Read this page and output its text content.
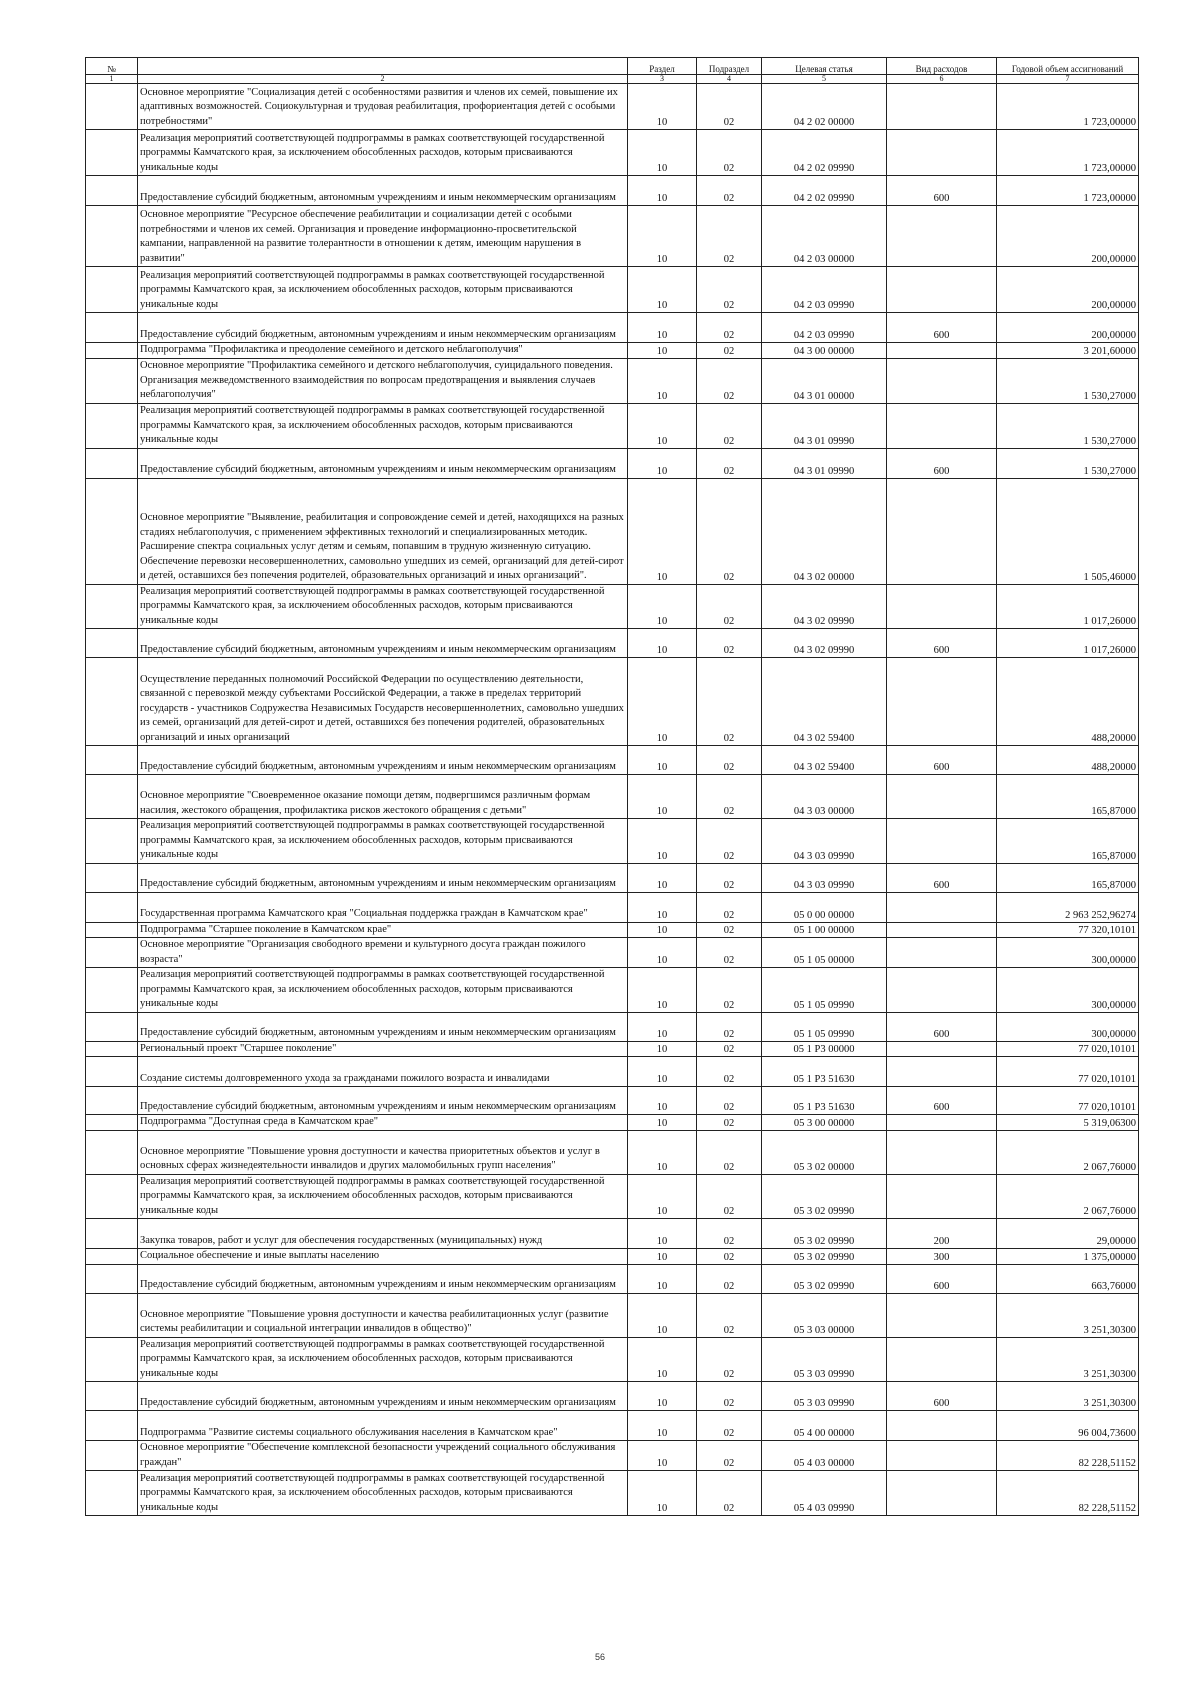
№		Раздел	Подраздел	Целевая статья	Вид расходов	Годовой объем ассигнований
1	2	3	4	5	6	7
	Основное мероприятие "Социализация детей с особенностями развития и членов их семей, повышение их адаптивных возможностей. Социокультурная и трудовая реабилитация, профориентация детей с особыми потребностями"	10	02	04 2 02 00000		1 723,00000
	Реализация мероприятий соответствующей подпрограммы в рамках соответствующей государственной программы Камчатского края, за исключением обособленных расходов, которым присваиваются уникальные коды	10	02	04 2 02 09990		1 723,00000
	Предоставление субсидий бюджетным, автономным учреждениям и иным некоммерческим организациям	10	02	04 2 02 09990	600	1 723,00000
	Основное мероприятие "Ресурсное обеспечение реабилитации и социализации детей с особыми потребностями и членов их семей. Организация и проведение информационно-просветительской кампании, направленной на развитие толерантности в отношении к детям, имеющим нарушения в развитии"	10	02	04 2 03 00000		200,00000
	Реализация мероприятий соответствующей подпрограммы в рамках соответствующей государственной программы Камчатского края, за исключением обособленных расходов, которым присваиваются уникальные коды	10	02	04 2 03 09990		200,00000
	Предоставление субсидий бюджетным, автономным учреждениям и иным некоммерческим организациям	10	02	04 2 03 09990	600	200,00000
	Подпрограмма "Профилактика и преодоление семейного и детского неблагополучия"	10	02	04 3 00 00000		3 201,60000
	Основное мероприятие "Профилактика семейного и детского неблагополучия, суицидального поведения. Организация межведомственного взаимодействия по вопросам предотвращения и выявления случаев неблагополучия"	10	02	04 3 01 00000		1 530,27000
	Реализация мероприятий соответствующей подпрограммы в рамках соответствующей государственной программы Камчатского края, за исключением обособленных расходов, которым присваиваются уникальные коды	10	02	04 3 01 09990		1 530,27000
	Предоставление субсидий бюджетным, автономным учреждениям и иным некоммерческим организациям	10	02	04 3 01 09990	600	1 530,27000
	Основное мероприятие "Выявление, реабилитация и сопровождение семей и детей, находящихся на разных стадиях неблагополучия, с применением эффективных технологий и специализированных методик. Расширение спектра социальных услуг детям и семьям, попавшим в трудную жизненную ситуацию. Обеспечение перевозки несовершеннолетних, самовольно ушедших из семей, организаций для детей-сирот и детей, оставшихся без попечения родителей, образовательных организаций и иных организаций".	10	02	04 3 02 00000		1 505,46000
	Реализация мероприятий соответствующей подпрограммы в рамках соответствующей государственной программы Камчатского края, за исключением обособленных расходов, которым присваиваются уникальные коды	10	02	04 3 02 09990		1 017,26000
	Предоставление субсидий бюджетным, автономным учреждениям и иным некоммерческим организациям	10	02	04 3 02 09990	600	1 017,26000
	Осуществление переданных полномочий Российской Федерации по осуществлению деятельности, связанной с перевозкой между субъектами Российской Федерации, а также в пределах территорий государств - участников Содружества Независимых Государств несовершеннолетних, самовольно ушедших из семей, организаций для детей-сирот и детей, оставшихся без попечения родителей, образовательных организаций и иных организаций	10	02	04 3 02 59400		488,20000
	Предоставление субсидий бюджетным, автономным учреждениям и иным некоммерческим организациям	10	02	04 3 02 59400	600	488,20000
	Основное мероприятие "Своевременное оказание помощи детям, подвергшимся различным формам насилия, жестокого обращения, профилактика рисков жестокого обращения с детьми"	10	02	04 3 03 00000		165,87000
	Реализация мероприятий соответствующей подпрограммы в рамках соответствующей государственной программы Камчатского края, за исключением обособленных расходов, которым присваиваются уникальные коды	10	02	04 3 03 09990		165,87000
	Предоставление субсидий бюджетным, автономным учреждениям и иным некоммерческим организациям	10	02	04 3 03 09990	600	165,87000
	Государственная программа Камчатского края "Социальная поддержка граждан в Камчатском крае"	10	02	05 0 00 00000		2 963 252,96274
	Подпрограмма "Старшее поколение в Камчатском крае"	10	02	05 1 00 00000		77 320,10101
	Основное мероприятие "Организация свободного времени и культурного досуга граждан пожилого возраста"	10	02	05 1 05 00000		300,00000
	Реализация мероприятий соответствующей подпрограммы в рамках соответствующей государственной программы Камчатского края, за исключением обособленных расходов, которым присваиваются уникальные коды	10	02	05 1 05 09990		300,00000
	Предоставление субсидий бюджетным, автономным учреждениям и иным некоммерческим организациям	10	02	05 1 05 09990	600	300,00000
	Региональный проект "Старшее поколение"	10	02	05 1 P3 00000		77 020,10101
	Создание системы долговременного ухода за гражданами пожилого возраста и инвалидами	10	02	05 1 P3 51630		77 020,10101
	Предоставление субсидий бюджетным, автономным учреждениям и иным некоммерческим организациям	10	02	05 1 P3 51630	600	77 020,10101
	Подпрограмма "Доступная среда в Камчатском крае"	10	02	05 3 00 00000		5 319,06300
	Основное мероприятие "Повышение уровня доступности и качества приоритетных объектов и услуг в основных сферах жизнедеятельности инвалидов и других маломобильных групп населения"	10	02	05 3 02 00000		2 067,76000
	Реализация мероприятий соответствующей подпрограммы в рамках соответствующей государственной программы Камчатского края, за исключением обособленных расходов, которым присваиваются уникальные коды	10	02	05 3 02 09990		2 067,76000
	Закупка товаров, работ и услуг для обеспечения государственных (муниципальных) нужд	10	02	05 3 02 09990	200	29,00000
	Социальное обеспечение и иные выплаты населению	10	02	05 3 02 09990	300	1 375,00000
	Предоставление субсидий бюджетным, автономным учреждениям и иным некоммерческим организациям	10	02	05 3 02 09990	600	663,76000
	Основное мероприятие "Повышение уровня доступности и качества реабилитационных услуг (развитие системы реабилитации и социальной интеграции инвалидов в общество)"	10	02	05 3 03 00000		3 251,30300
	Реализация мероприятий соответствующей подпрограммы в рамках соответствующей государственной программы Камчатского края, за исключением обособленных расходов, которым присваиваются уникальные коды	10	02	05 3 03 09990		3 251,30300
	Предоставление субсидий бюджетным, автономным учреждениям и иным некоммерческим организациям	10	02	05 3 03 09990	600	3 251,30300
	Подпрограмма "Развитие системы социального обслуживания населения в Камчатском крае"	10	02	05 4 00 00000		96 004,73600
	Основное мероприятие "Обеспечение комплексной безопасности учреждений социального обслуживания граждан"	10	02	05 4 03 00000		82 228,51152
	Реализация мероприятий соответствующей подпрограммы в рамках соответствующей государственной программы Камчатского края, за исключением обособленных расходов, которым присваиваются уникальные коды	10	02	05 4 03 09990		82 228,51152
56
